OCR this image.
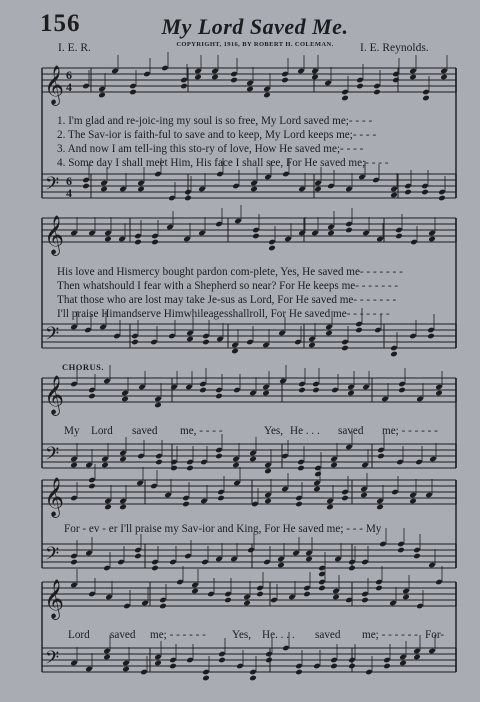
156	My Lord Saved Me.
COPYRIGHT, 1916, BY ROBERT H. COLEMAN.
I. E. R.	I. E. Reynolds.
𝄞 6
4
𝄢 6
4
𝄞
𝄢
𝄞
𝄢
𝄞
𝄢
𝄞
𝄢
1. I'm glad and re-joic-ing my soul is so free, My Lord saved me;- - - -
2. The Sav-ior is faith-ful to save and to keep, My Lord keeps me;- - - -
3. And now I am tell-ing this sto-ry of love, How He saved me;- - - -
4. Some day I shall meet Him, His face I shall see, For He saved me;- - - -
His love and Hismercy bought pardon com-plete, Yes, He saved me- - - - - - -
Then whatshould I fear with a Shepherd so near? For He keeps me- - - - - - -
That those who are lost may take Je-sus as Lord, For He saved me- - - - - - -
I'll praise Himandserve Himwhileagesshallroll, For He saved me- - - - - - -
CHORUS.
My Lord saved me, - - - -	Yes, He . . . saved me; - - - - - -
For - ev - er I'll praise my Sav-ior and King, For He saved me; - - - My
Lord saved me; - - - - - - Yes, He. . . . saved me; - - - - - - For-
